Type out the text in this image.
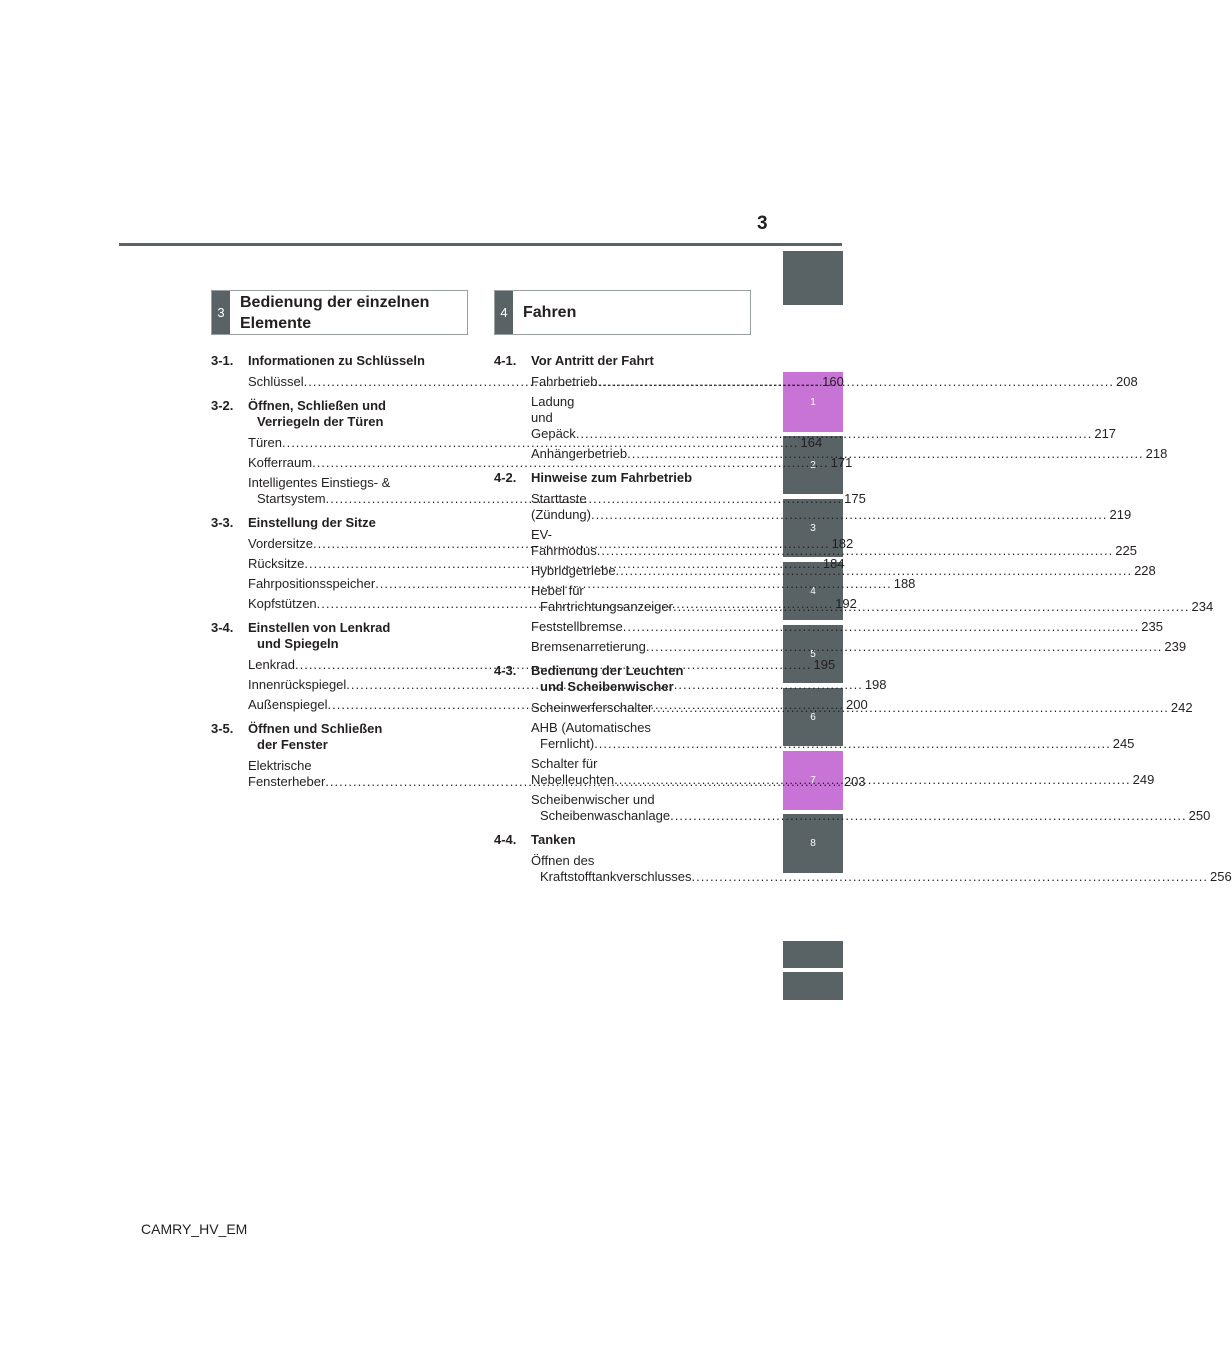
3
1
2
3
4
5
6
7
8
3
Bedienung der einzelnen
Elemente
4 Fahren
3-1.	Informationen zu Schlüsseln
Schlüssel .....	160
3-2.	Öffnen, Schließen und
Verriegeln der Türen
Türen .....	164
Kofferraum .....	171
Intelligentes Einstiegs- &
Startsystem .....	175
3-3.	Einstellung der Sitze
Vordersitze .....	182
Rücksitze .....	184
Fahrpositionsspeicher .....	188
Kopfstützen .....	192
3-4.	Einstellen von Lenkrad
und Spiegeln
Lenkrad .....	195
Innenrückspiegel .....	198
Außenspiegel .....	200
3-5.	Öffnen und Schließen
der Fenster
Elektrische Fensterheber .....	203
4-1.	Vor Antritt der Fahrt
Fahrbetrieb .....	208
Ladung und Gepäck .....	217
Anhängerbetrieb .....	218
4-2.	Hinweise zum Fahrbetrieb
Starttaste (Zündung) .....	219
EV-Fahrmodus .....	225
Hybridgetriebe .....	228
Hebel für
Fahrtrichtungsanzeiger .....	234
Feststellbremse .....	235
Bremsenarretierung .....	239
4-3.	Bedienung der Leuchten
und Scheibenwischer
Scheinwerferschalter .....	242
AHB (Automatisches
Fernlicht) .....	245
Schalter für Nebelleuchten .....	249
Scheibenwischer und
Scheibenwaschanlage .....	250
4-4.	Tanken
Öffnen des
Kraftstofftankverschlusses .....	256
CAMRY_HV_EM
